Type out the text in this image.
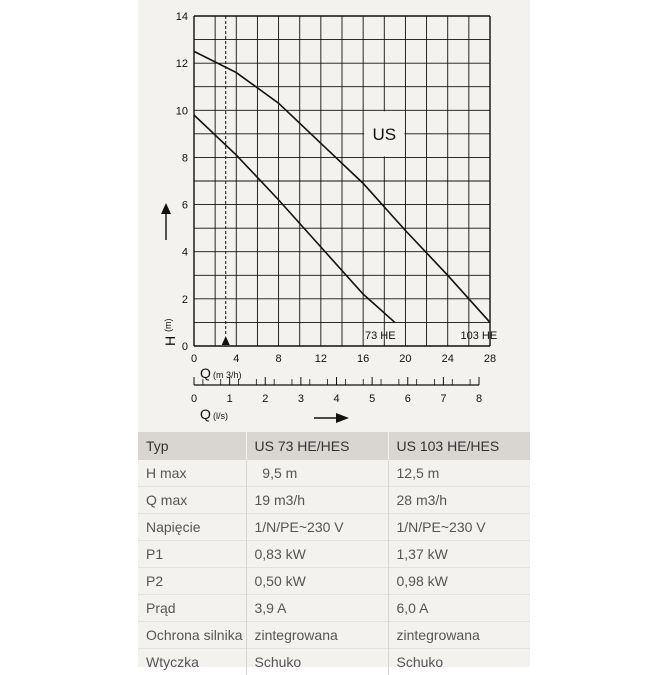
0
2
4
6
8
10
12
14
0	4	8	12	16	20	24	28
0	1	2	3	4	5	6	7	8
73 HE	103 HE
US
Q (m 3/h)
Q (l/s)
H
(m)
Typ	US 73 HE/HES	US 103 HE/HES
H max	9,5 m	12,5 m
Q max	19 m3/h	28 m3/h
Napięcie	1/N/PE~230 V	1/N/PE~230 V
P1	0,83 kW	1,37 kW
P2	0,50 kW	0,98 kW
Prąd	3,9 A	6,0 A
Ochrona silnika	zintegrowana	zintegrowana
Wtyczka	Schuko	Schuko
